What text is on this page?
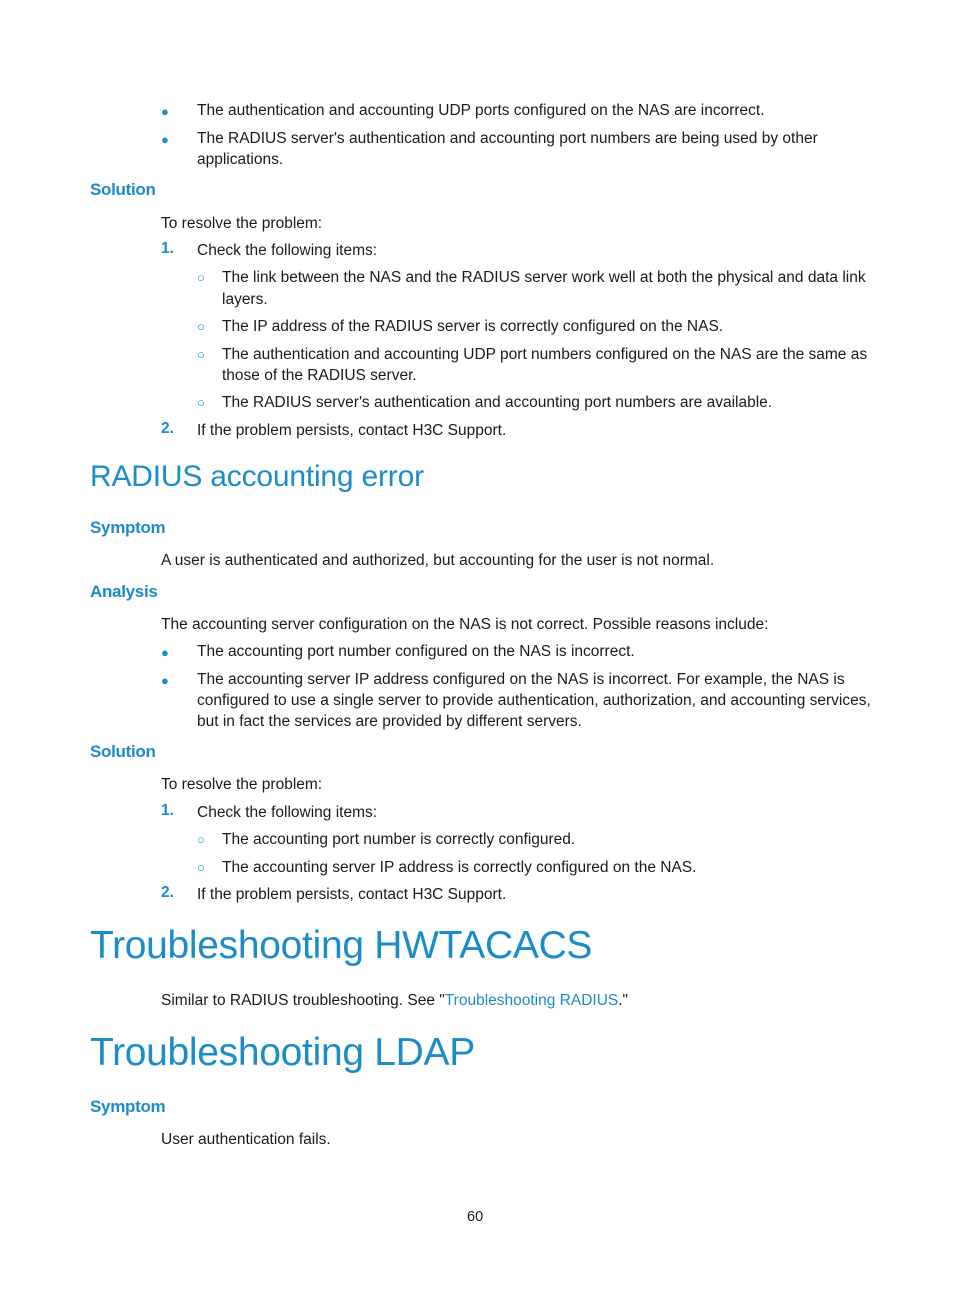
● The authentication and accounting UDP ports configured on the NAS are incorrect.
● The RADIUS server's authentication and accounting port numbers are being used by other
applications.
Solution
To resolve the problem:
1. Check the following items:
○ The link between the NAS and the RADIUS server work well at both the physical and data link
layers.
○ The IP address of the RADIUS server is correctly configured on the NAS.
○ The authentication and accounting UDP port numbers configured on the NAS are the same as
those of the RADIUS server.
○ The RADIUS server's authentication and accounting port numbers are available.
2. If the problem persists, contact H3C Support.
RADIUS accounting error
Symptom
A user is authenticated and authorized, but accounting for the user is not normal.
Analysis
The accounting server configuration on the NAS is not correct. Possible reasons include:
● The accounting port number configured on the NAS is incorrect.
● The accounting server IP address configured on the NAS is incorrect. For example, the NAS is
configured to use a single server to provide authentication, authorization, and accounting services,
but in fact the services are provided by different servers.
Solution
To resolve the problem:
1. Check the following items:
○ The accounting port number is correctly configured.
○ The accounting server IP address is correctly configured on the NAS.
2. If the problem persists, contact H3C Support.
Troubleshooting HWTACACS
Similar to RADIUS troubleshooting. See "Troubleshooting RADIUS."
Troubleshooting LDAP
Symptom
User authentication fails.
60
